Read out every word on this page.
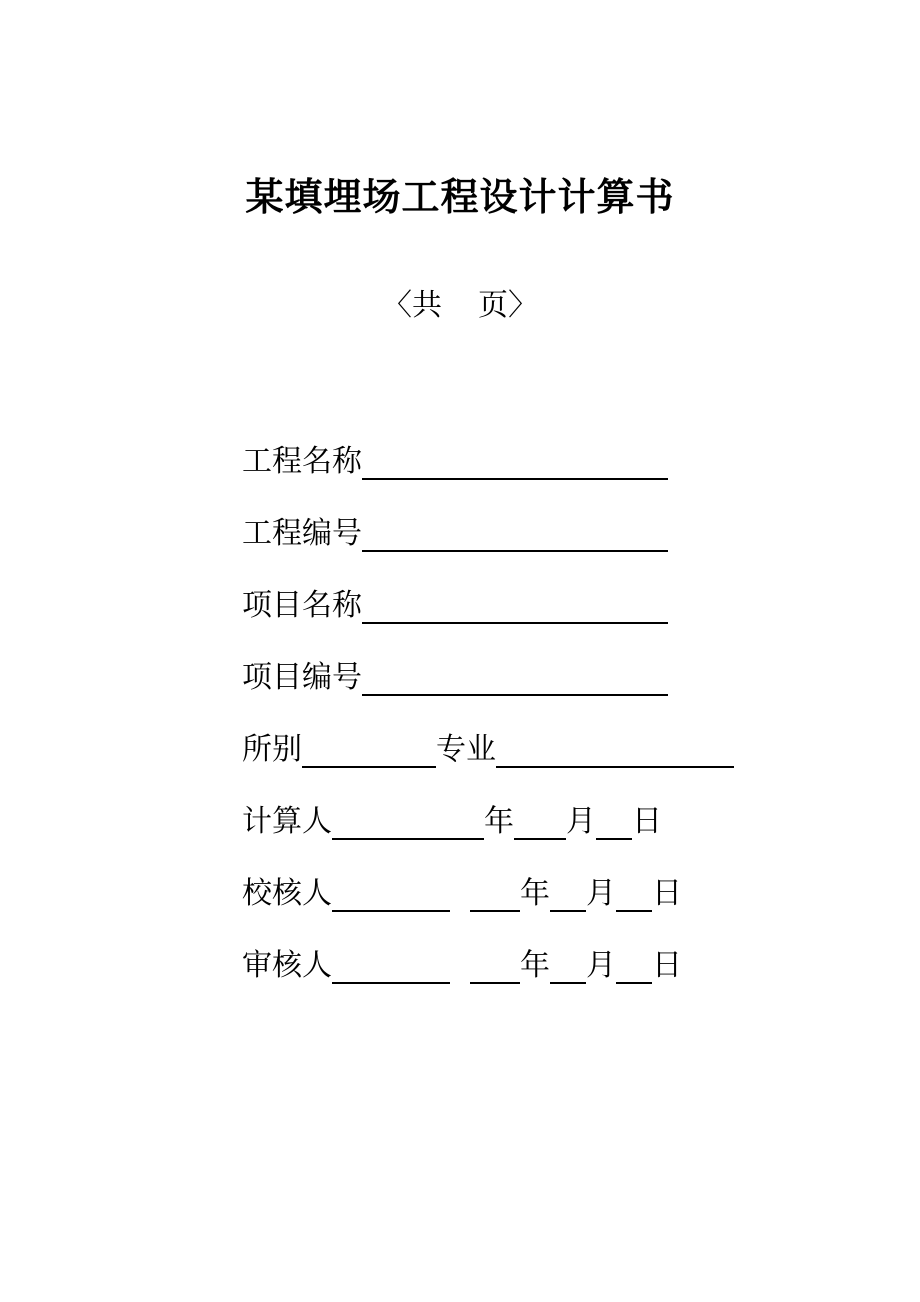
某填埋场工程设计计算书
〈共 页〉
工程名称
工程编号
项目名称
项目编号
所别	专业
计算人	年 月 日
校核人	年 月 日
审核人	年 月 日
